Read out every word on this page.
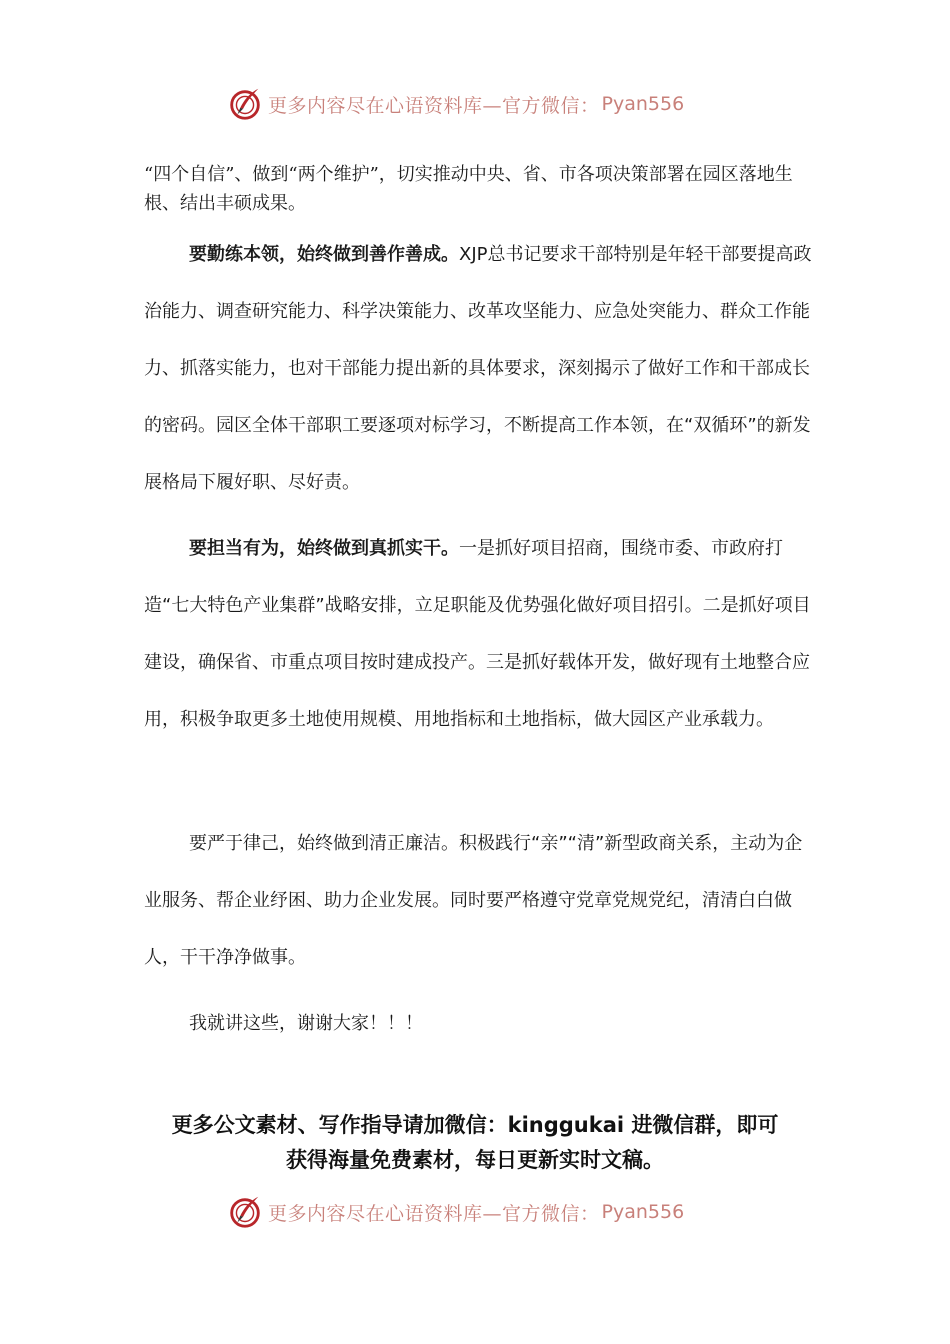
更多内容尽在心语资料库—官方微信： Pyan556

“四个自信”、做到“两个维护”，切实推动中央、省、市各项决策部署在园区落地生根、结出丰硕成果。

要勤练本领，始终做到善作善成。XJP总书记要求干部特别是年轻干部要提高政治能力、调查研究能力、科学决策能力、改革攻坚能力、应急处突能力、群众工作能力、抓落实能力，也对干部能力提出新的具体要求，深刻揭示了做好工作和干部成长的密码。园区全体干部职工要逐项对标学习，不断提高工作本领，在“双循环”的新发展格局下履好职、尽好责。

要担当有为，始终做到真抓实干。一是抓好项目招商，围绕市委、市政府打造“七大特色产业集群”战略安排，立足职能及优势强化做好项目招引。二是抓好项目建设，确保省、市重点项目按时建成投产。三是抓好载体开发，做好现有土地整合应用，积极争取更多土地使用规模、用地指标和土地指标，做大园区产业承载力。

要严于律己，始终做到清正廉洁。积极践行“亲”“清”新型政商关系，主动为企业服务、帮企业纾困、助力企业发展。同时要严格遵守党章党规党纪，清清白白做人，干干净净做事。

我就讲这些，谢谢大家！！！

更多公文素材、写作指导请加微信：kinggukai 进微信群，即可
获得海量免费素材，每日更新实时文稿。
更多内容尽在心语资料库—官方微信： Pyan556
